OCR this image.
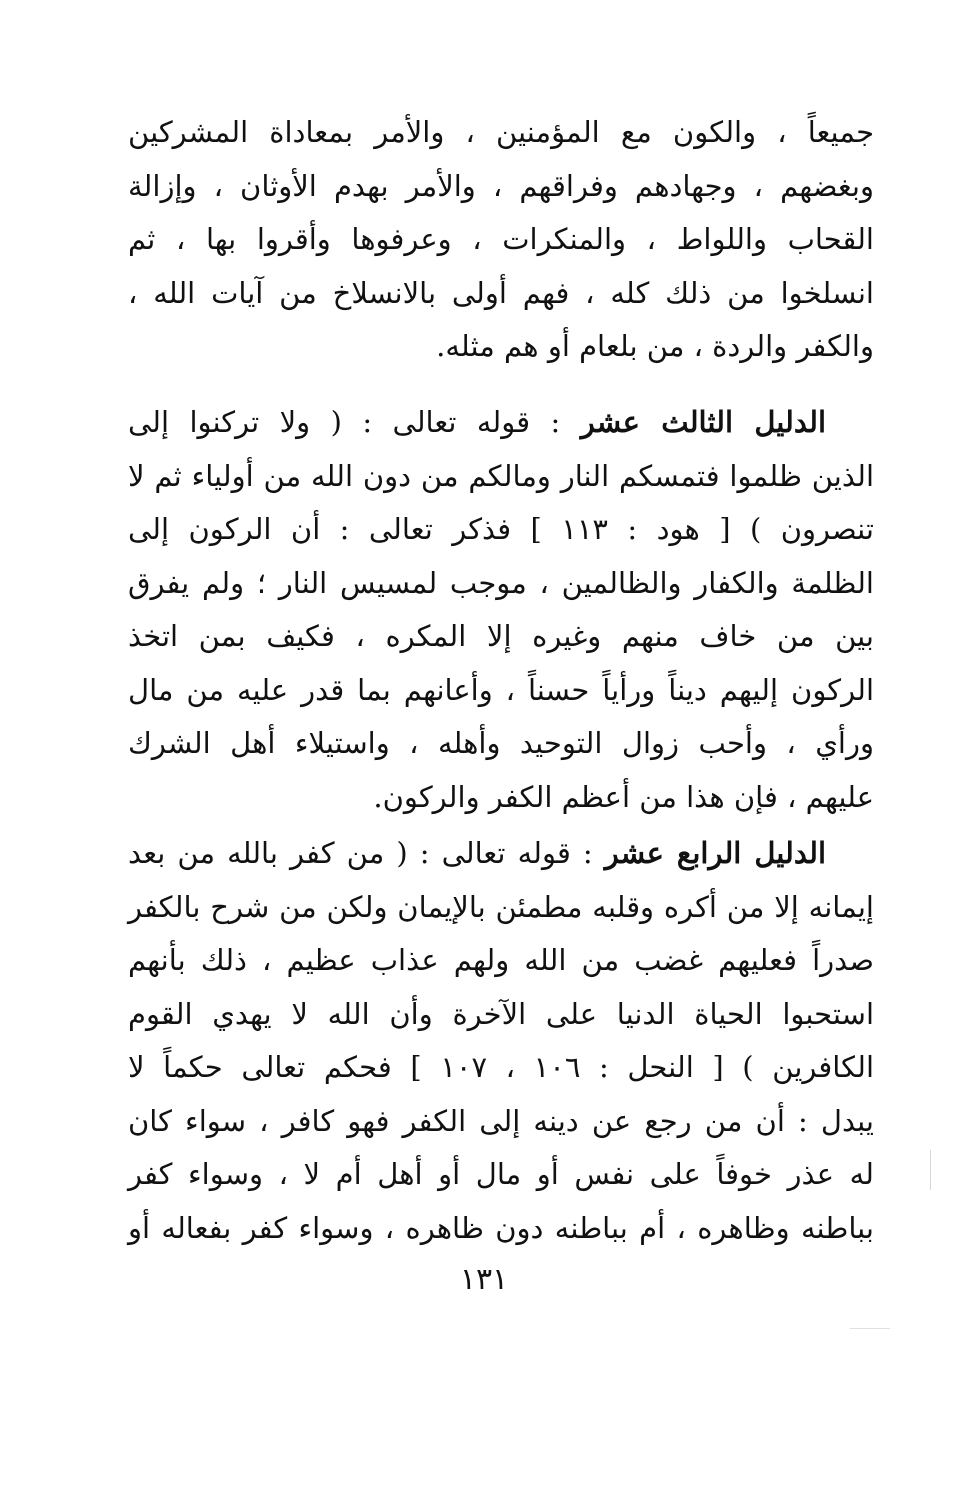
جميعاً ، والكون مع المؤمنين ، والأمر بمعاداة المشركين
وبغضهم ، وجهادهم وفراقهم ، والأمر بهدم الأوثان ، وإزالة
القحاب واللواط ، والمنكرات ، وعرفوها وأقروا بها ، ثم
انسلخوا من ذلك كله ، فهم أولى بالانسلاخ من آيات الله ،
والكفر والردة ، من بلعام أو هم مثله.
الدليل الثالث عشر : قوله تعالى : ( ولا تركنوا إلى
الذين ظلموا فتمسكم النار ومالكم من دون الله من أولياء ثم لا
تنصرون ) [ هود : ١١٣ ] فذكر تعالى : أن الركون إلى
الظلمة والكفار والظالمين ، موجب لمسيس النار ؛ ولم يفرق
بين من خاف منهم وغيره إلا المكره ، فكيف بمن اتخذ
الركون إليهم ديناً ورأياً حسناً ، وأعانهم بما قدر عليه من مال
ورأي ، وأحب زوال التوحيد وأهله ، واستيلاء أهل الشرك
عليهم ، فإن هذا من أعظم الكفر والركون.
الدليل الرابع عشر : قوله تعالى : ( من كفر بالله من بعد
إيمانه إلا من أكره وقلبه مطمئن بالإيمان ولكن من شرح بالكفر
صدراً فعليهم غضب من الله ولهم عذاب عظيم ، ذلك بأنهم
استحبوا الحياة الدنيا على الآخرة وأن الله لا يهدي القوم
الكافرين ) [ النحل : ١٠٦ ، ١٠٧ ] فحكم تعالى حكماً لا
يبدل : أن من رجع عن دينه إلى الكفر فهو كافر ، سواء كان
له عذر خوفاً على نفس أو مال أو أهل أم لا ، وسواء كفر
بباطنه وظاهره ، أم بباطنه دون ظاهره ، وسواء كفر بفعاله أو
١٣١
